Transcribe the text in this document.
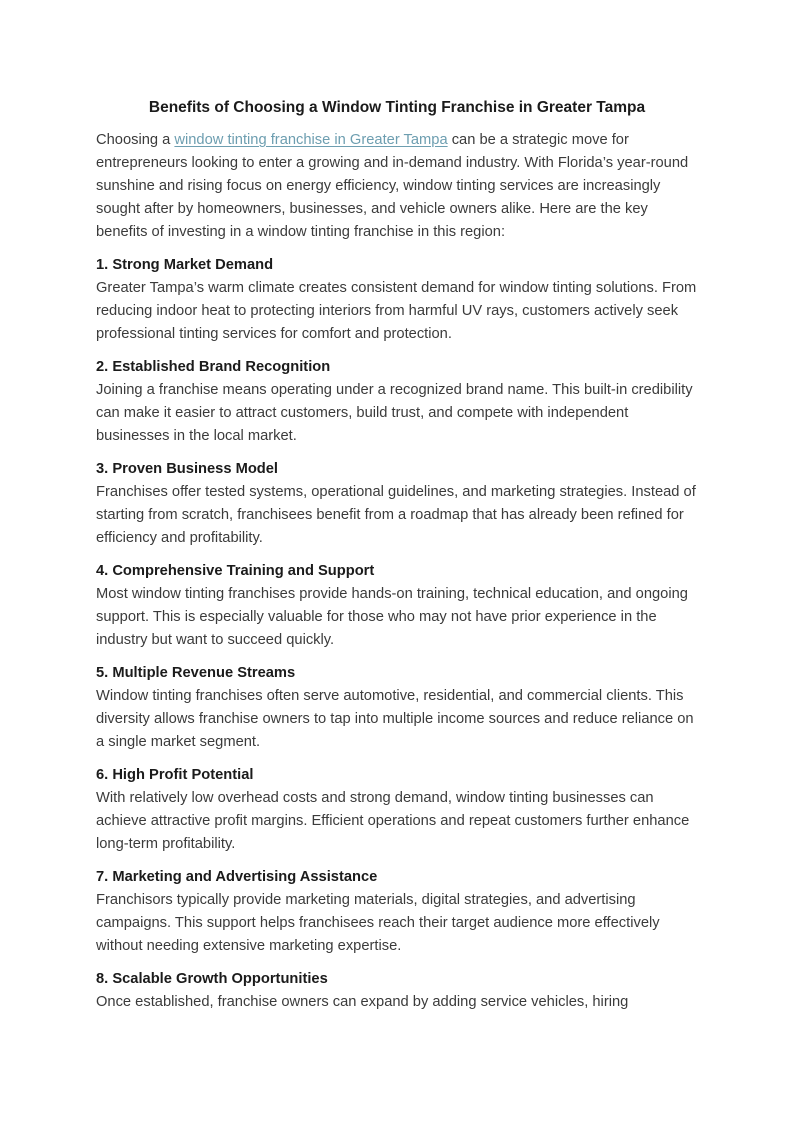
Benefits of Choosing a Window Tinting Franchise in Greater Tampa

Choosing a window tinting franchise in Greater Tampa can be a strategic move for entrepreneurs looking to enter a growing and in-demand industry. With Florida’s year-round sunshine and rising focus on energy efficiency, window tinting services are increasingly sought after by homeowners, businesses, and vehicle owners alike. Here are the key benefits of investing in a window tinting franchise in this region:

1. Strong Market Demand

Greater Tampa’s warm climate creates consistent demand for window tinting solutions. From reducing indoor heat to protecting interiors from harmful UV rays, customers actively seek professional tinting services for comfort and protection.

2. Established Brand Recognition

Joining a franchise means operating under a recognized brand name. This built-in credibility can make it easier to attract customers, build trust, and compete with independent businesses in the local market.

3. Proven Business Model

Franchises offer tested systems, operational guidelines, and marketing strategies. Instead of starting from scratch, franchisees benefit from a roadmap that has already been refined for efficiency and profitability.

4. Comprehensive Training and Support

Most window tinting franchises provide hands-on training, technical education, and ongoing support. This is especially valuable for those who may not have prior experience in the industry but want to succeed quickly.

5. Multiple Revenue Streams

Window tinting franchises often serve automotive, residential, and commercial clients. This diversity allows franchise owners to tap into multiple income sources and reduce reliance on a single market segment.

6. High Profit Potential

With relatively low overhead costs and strong demand, window tinting businesses can achieve attractive profit margins. Efficient operations and repeat customers further enhance long-term profitability.

7. Marketing and Advertising Assistance

Franchisors typically provide marketing materials, digital strategies, and advertising campaigns. This support helps franchisees reach their target audience more effectively without needing extensive marketing expertise.

8. Scalable Growth Opportunities

Once established, franchise owners can expand by adding service vehicles, hiring
